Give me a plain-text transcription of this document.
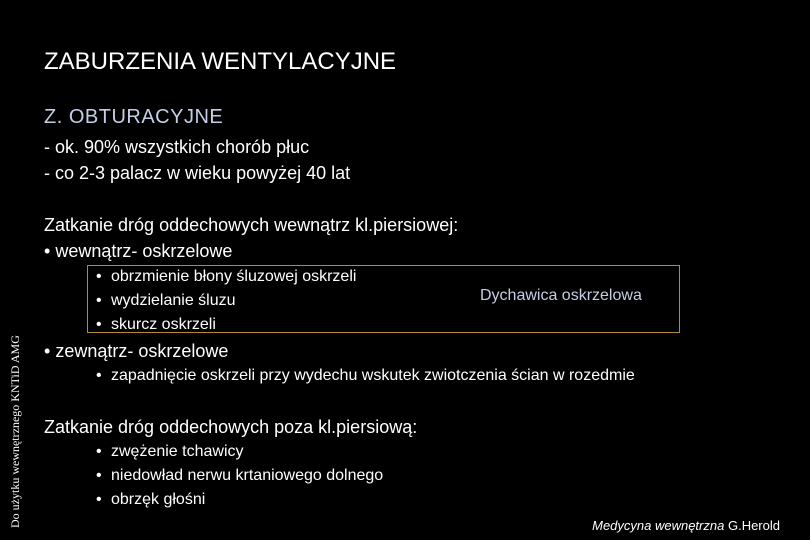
Do użytku wewnętrznego KNTiD AMG
ZABURZENIA WENTYLACYJNE
Z. OBTURACYJNE
- ok. 90% wszystkich chorób płuc
- co 2-3 palacz w wieku powyżej 40 lat
Zatkanie dróg oddechowych wewnątrz kl.piersiowej:
• wewnątrz- oskrzelowe
• obrzmienie błony śluzowej oskrzeli
• wydzielanie śluzu
• skurcz oskrzeli
Dychawica oskrzelowa
• zewnątrz- oskrzelowe
• zapadnięcie oskrzeli przy wydechu wskutek zwiotczenia ścian w rozedmie
Zatkanie dróg oddechowych poza kl.piersiową:
• zwężenie tchawicy
• niedowład nerwu krtaniowego dolnego
• obrzęk głośni
Medycyna wewnętrzna G.Herold
